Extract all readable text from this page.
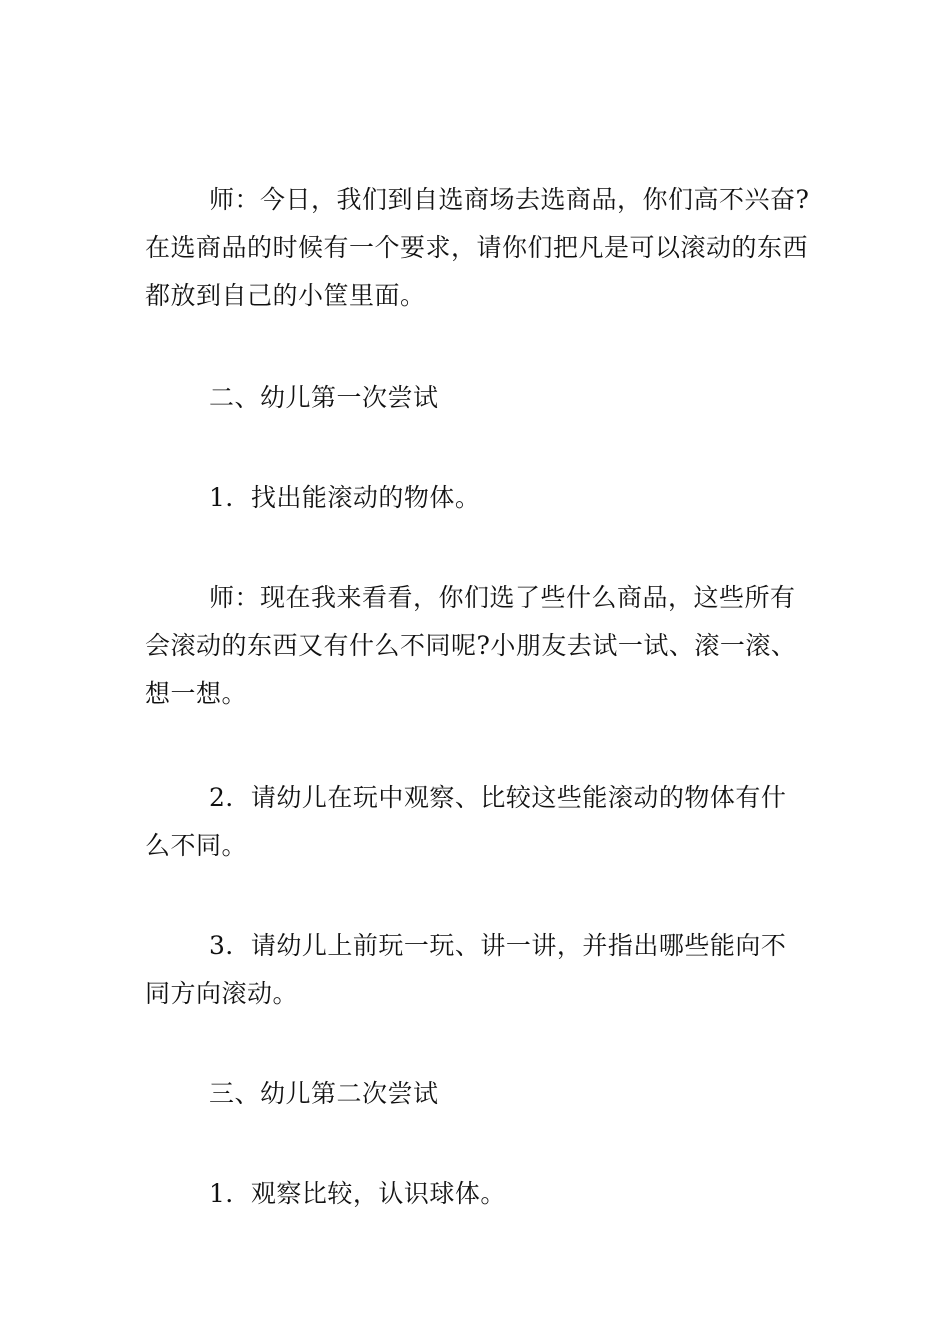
师：今日，我们到自选商场去选商品，你们高不兴奋?在选商品的时候有一个要求，请你们把凡是可以滚动的东西都放到自己的小筐里面。

二、幼儿第一次尝试

1．找出能滚动的物体。

师：现在我来看看，你们选了些什么商品，这些所有会滚动的东西又有什么不同呢?小朋友去试一试、滚一滚、想一想。

2．请幼儿在玩中观察、比较这些能滚动的物体有什么不同。

3．请幼儿上前玩一玩、讲一讲，并指出哪些能向不同方向滚动。

三、幼儿第二次尝试

1．观察比较，认识球体。
